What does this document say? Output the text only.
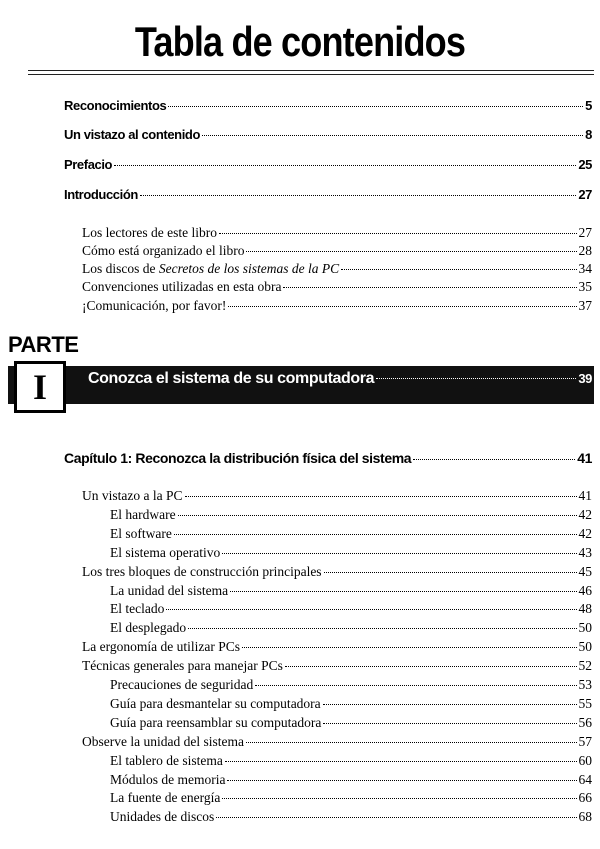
Tabla de contenidos
Reconocimientos	5
Un vistazo al contenido	8
Prefacio	25
Introducción	27
Los lectores de este libro	27
Cómo está organizado el libro	28
Los discos de Secretos de los sistemas de la PC	34
Convenciones utilizadas en esta obra	35
¡Comunicación, por favor!	37
PARTE
I	Conozca el sistema de su computadora	39
Capítulo 1: Reconozca la distribución física del sistema	41
Un vistazo a la PC	41
El hardware	42
El software	42
El sistema operativo	43
Los tres bloques de construcción principales	45
La unidad del sistema	46
El teclado	48
El desplegado	50
La ergonomía de utilizar PCs	50
Técnicas generales para manejar PCs	52
Precauciones de seguridad	53
Guía para desmantelar su computadora	55
Guía para reensamblar su computadora	56
Observe la unidad del sistema	57
El tablero de sistema	60
Módulos de memoria	64
La fuente de energía	66
Unidades de discos	68
